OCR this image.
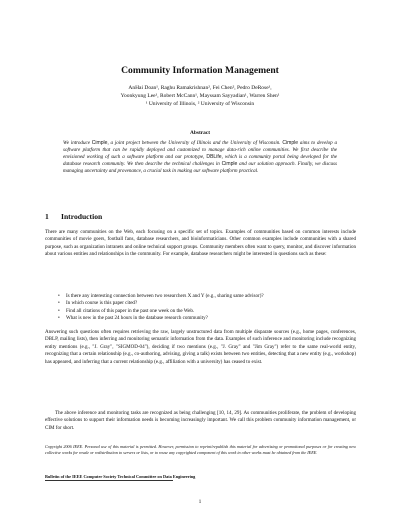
Community Information Management
AnHai Doan¹, Raghu Ramakrishnan², Fei Chen², Pedro DeRose¹,
Yoonkyung Lee¹, Robert McCann¹, Mayssam Sayyadian¹, Warren Shen¹
¹ University of Illinois, ² University of Wisconsin
Abstract
We introduce Cimple, a joint project between the University of Illinois and the University of Wisconsin. Cimple aims to develop a software platform that can be rapidly deployed and customized to manage data-rich online communities. We first describe the envisioned working of such a software platform and our prototype, DBLife, which is a community portal being developed for the database research community. We then describe the technical challenges in Cimple and our solution approach. Finally, we discuss managing uncertainty and provenance, a crucial task in making our software platform practical.
1 Introduction
There are many communities on the Web, each focusing on a specific set of topics. Examples of communities based on common interests include communities of movie goers, football fans, database researchers, and bioinformaticians. Other common examples include communities with a shared purpose, such as organization intranets and online technical support groups. Community members often want to query, monitor, and discover information about various entities and relationships in the community. For example, database researchers might be interested in questions such as these:
• Is there any interesting connection between two researchers X and Y (e.g., sharing same advisor)?
• In which course is this paper cited?
• Find all citations of this paper in the past one week on the Web.
• What is new in the past 24 hours in the database research community?
Answering such questions often requires retrieving the raw, largely unstructured data from multiple disparate sources (e.g., home pages, conferences, DBLP, mailing lists), then inferring and monitoring semantic information from the data. Examples of such inference and monitoring include recognizing entity mentions (e.g., "J. Gray", "SIGMOD-04"), deciding if two mentions (e.g., "J. Gray" and "Jim Gray") refer to the same real-world entity, recognizing that a certain relationship (e.g., co-authoring, advising, giving a talk) exists between two entities, detecting that a new entity (e.g., workshop) has appeared, and inferring that a current relationship (e.g., affiliation with a university) has ceased to exist.
The above inference and monitoring tasks are recognized as being challenging [10, 14, 29]. As communities proliferate, the problem of developing effective solutions to support their information needs is becoming increasingly important. We call this problem community information management, or CIM for short.
Copyright 2006 IEEE. Personal use of this material is permitted. However, permission to reprint/republish this material for advertising or promotional purposes or for creating new collective works for resale or redistribution to servers or lists, or to reuse any copyrighted component of this work in other works must be obtained from the IEEE.
Bulletin of the IEEE Computer Society Technical Committee on Data Engineering
1
